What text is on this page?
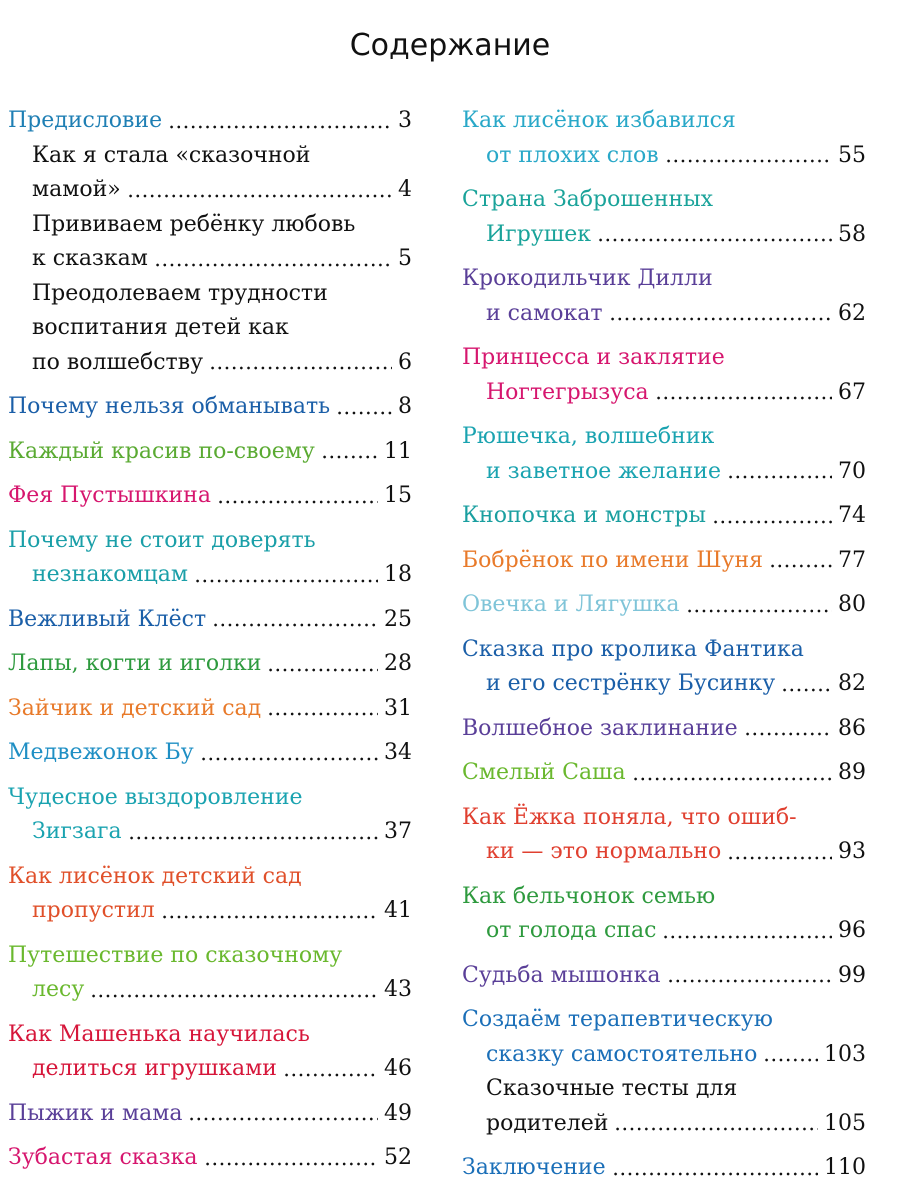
Содержание
Предисловие	3
Как я стала «сказочной
мамой»	4
Прививаем ребёнку любовь
к сказкам	5
Преодолеваем трудности
воспитания детей как
по волшебству	6
Почему нельзя обманывать	8
Каждый красив по-своему	11
Фея Пустышкина	15
Почему не стоит доверять
незнакомцам	18
Вежливый Клёст	25
Лапы, когти и иголки	28
Зайчик и детский сад	31
Медвежонок Бу	34
Чудесное выздоровление
Зигзага	37
Как лисёнок детский сад
пропустил	41
Путешествие по сказочному
лесу	43
Как Машенька научилась
делиться игрушками	46
Пыжик и мама	49
Зубастая сказка	52
Как лисёнок избавился
от плохих слов	55
Страна Заброшенных
Игрушек	58
Крокодильчик Дилли
и самокат	62
Принцесса и заклятие
Ногтегрызуса	67
Рюшечка, волшебник
и заветное желание	70
Кнопочка и монстры	74
Бобрёнок по имени Шуня	77
Овечка и Лягушка	80
Сказка про кролика Фантика
и его сестрёнку Бусинку	82
Волшебное заклинание	86
Смелый Саша	89
Как Ёжка поняла, что ошиб-
ки — это нормально	93
Как бельчонок семью
от голода спас	96
Судьба мышонка	99
Создаём терапевтическую
сказку самостоятельно	103
Сказочные тесты для
родителей	105
Заключение	110
